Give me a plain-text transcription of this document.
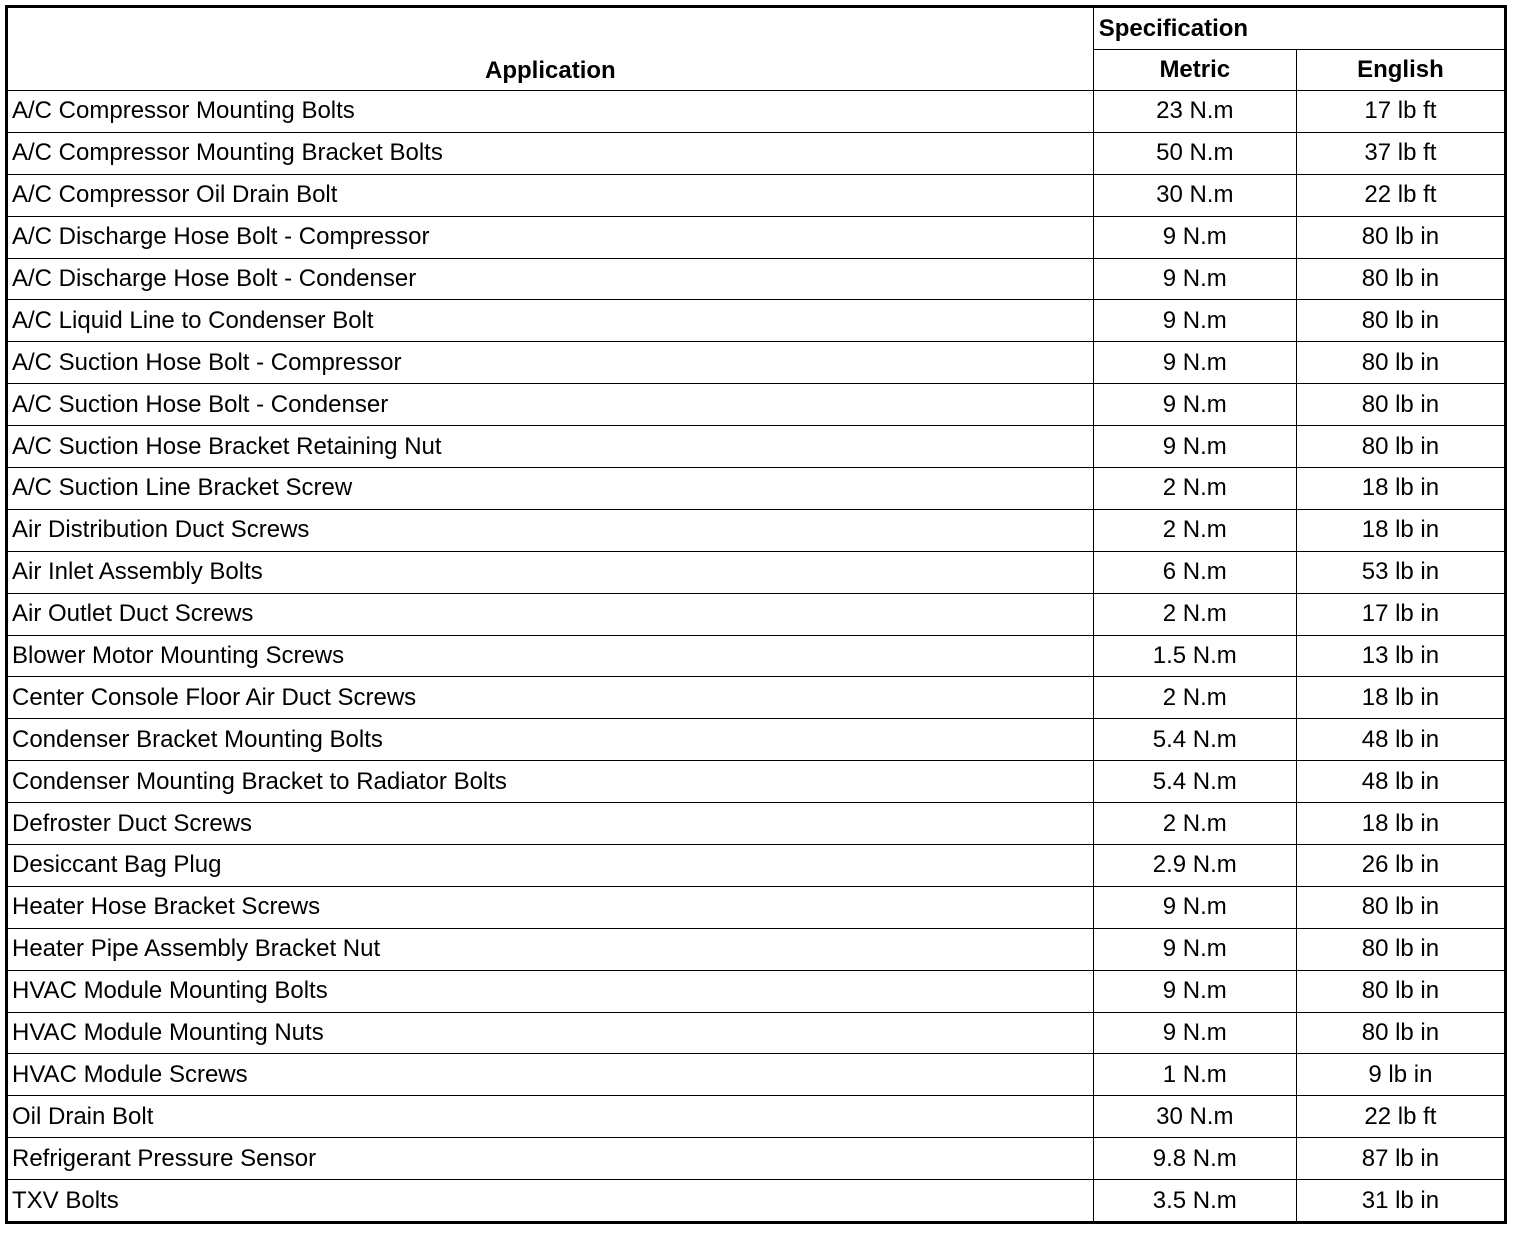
Application	Specification	
	Metric	English
A/C Compressor Mounting Bolts	23 N.m	17 lb ft
A/C Compressor Mounting Bracket Bolts	50 N.m	37 lb ft
A/C Compressor Oil Drain Bolt	30 N.m	22 lb ft
A/C Discharge Hose Bolt - Compressor	9 N.m	80 lb in
A/C Discharge Hose Bolt - Condenser	9 N.m	80 lb in
A/C Liquid Line to Condenser Bolt	9 N.m	80 lb in
A/C Suction Hose Bolt - Compressor	9 N.m	80 lb in
A/C Suction Hose Bolt - Condenser	9 N.m	80 lb in
A/C Suction Hose Bracket Retaining Nut	9 N.m	80 lb in
A/C Suction Line Bracket Screw	2 N.m	18 lb in
Air Distribution Duct Screws	2 N.m	18 lb in
Air Inlet Assembly Bolts	6 N.m	53 lb in
Air Outlet Duct Screws	2 N.m	17 lb in
Blower Motor Mounting Screws	1.5 N.m	13 lb in
Center Console Floor Air Duct Screws	2 N.m	18 lb in
Condenser Bracket Mounting Bolts	5.4 N.m	48 lb in
Condenser Mounting Bracket to Radiator Bolts	5.4 N.m	48 lb in
Defroster Duct Screws	2 N.m	18 lb in
Desiccant Bag Plug	2.9 N.m	26 lb in
Heater Hose Bracket Screws	9 N.m	80 lb in
Heater Pipe Assembly Bracket Nut	9 N.m	80 lb in
HVAC Module Mounting Bolts	9 N.m	80 lb in
HVAC Module Mounting Nuts	9 N.m	80 lb in
HVAC Module Screws	1 N.m	9 lb in
Oil Drain Bolt	30 N.m	22 lb ft
Refrigerant Pressure Sensor	9.8 N.m	87 lb in
TXV Bolts	3.5 N.m	31 lb in
